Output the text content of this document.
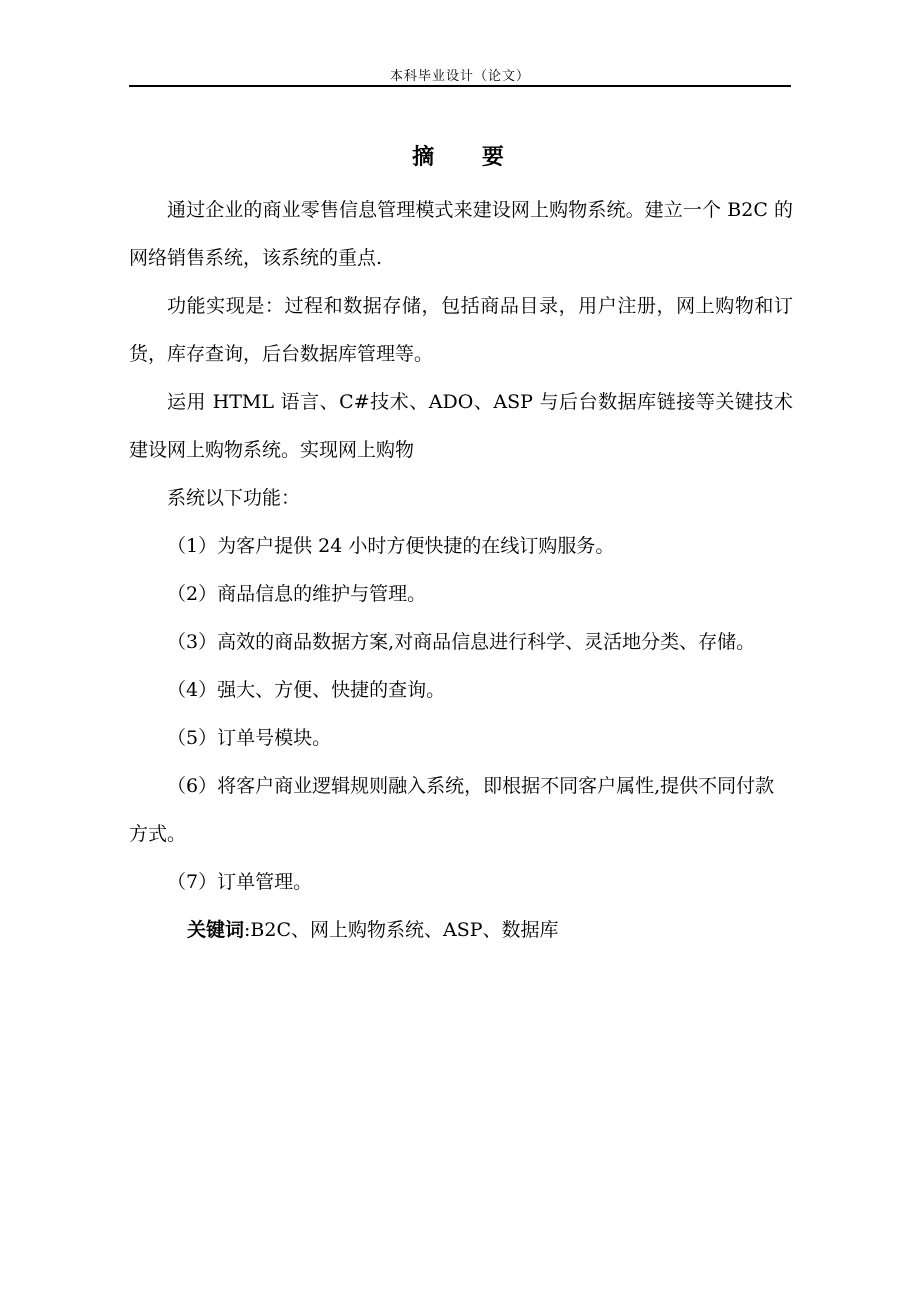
本科毕业设计（论文）
摘 要

通过企业的商业零售信息管理模式来建设网上购物系统。建立一个 B2C 的网络销售系统，该系统的重点.

功能实现是：过程和数据存储，包括商品目录，用户注册，网上购物和订货，库存查询，后台数据库管理等。

运用 HTML 语言、C#技术、ADO、ASP 与后台数据库链接等关键技术建设网上购物系统。实现网上购物

系统以下功能：

（1）为客户提供 24 小时方便快捷的在线订购服务。

（2）商品信息的维护与管理。

（3）高效的商品数据方案,对商品信息进行科学、灵活地分类、存储。

（4）强大、方便、快捷的查询。

（5）订单号模块。

（6）将客户商业逻辑规则融入系统，即根据不同客户属性,提供不同付款方式。

（7）订单管理。

关键词:B2C、网上购物系统、ASP、数据库
